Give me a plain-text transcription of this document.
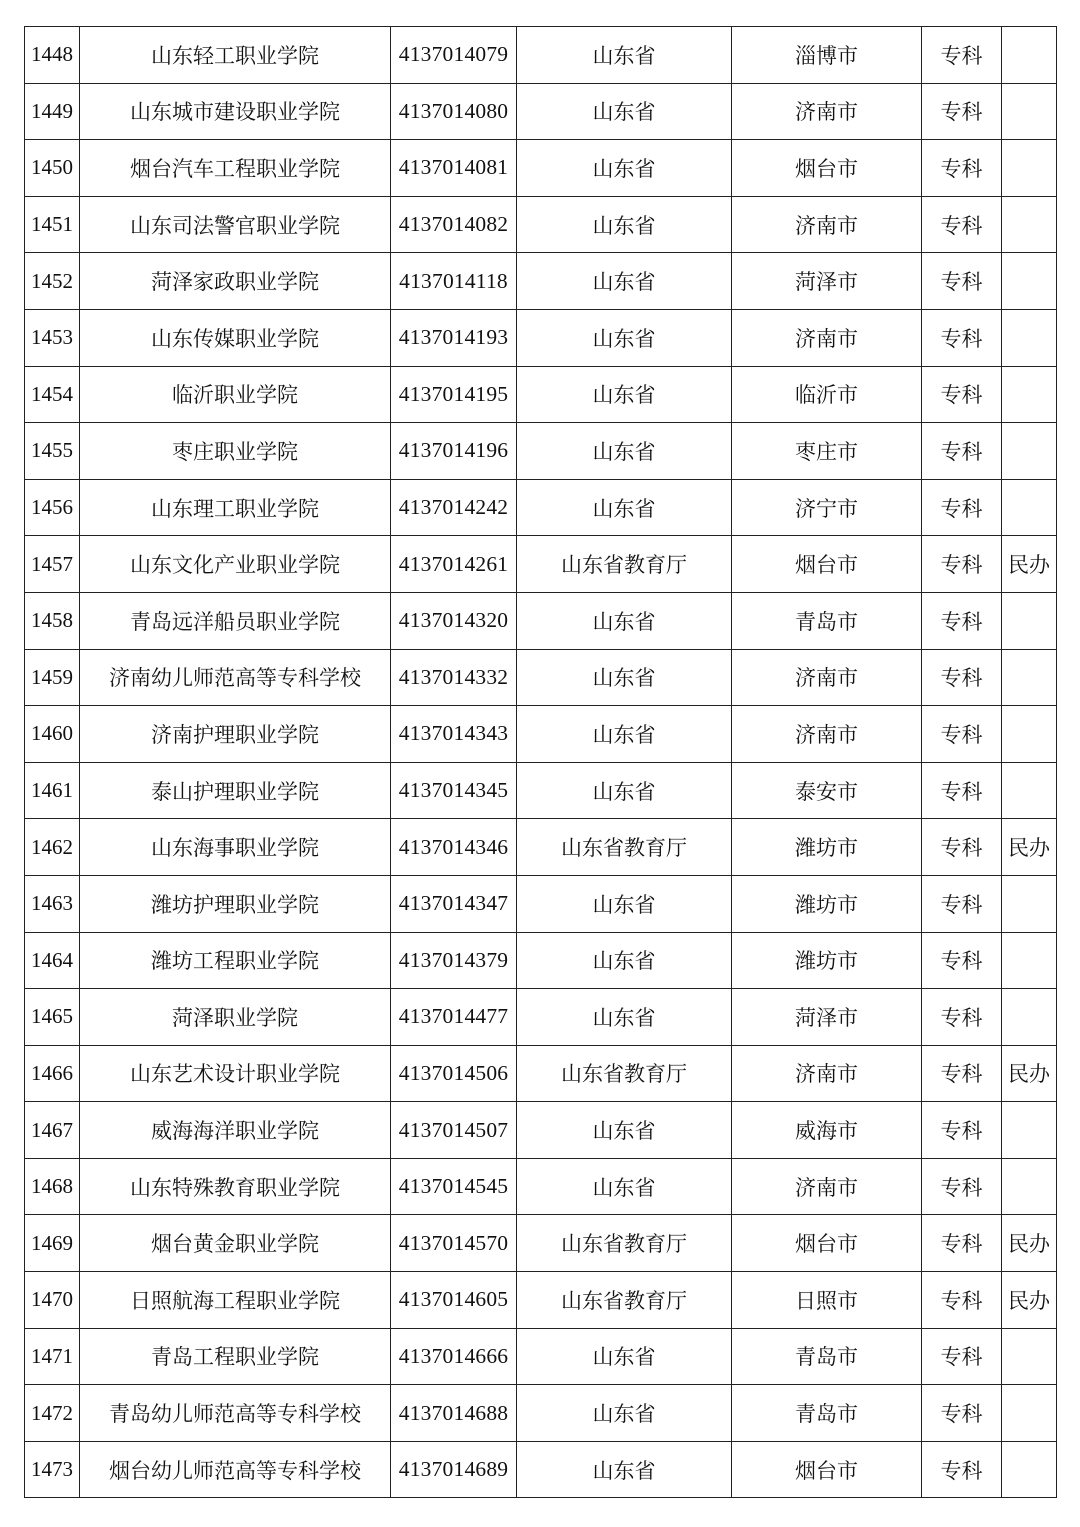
1448	山东轻工职业学院	4137014079	山东省	淄博市	专科	
1449	山东城市建设职业学院	4137014080	山东省	济南市	专科	
1450	烟台汽车工程职业学院	4137014081	山东省	烟台市	专科	
1451	山东司法警官职业学院	4137014082	山东省	济南市	专科	
1452	菏泽家政职业学院	4137014118	山东省	菏泽市	专科	
1453	山东传媒职业学院	4137014193	山东省	济南市	专科	
1454	临沂职业学院	4137014195	山东省	临沂市	专科	
1455	枣庄职业学院	4137014196	山东省	枣庄市	专科	
1456	山东理工职业学院	4137014242	山东省	济宁市	专科	
1457	山东文化产业职业学院	4137014261	山东省教育厅	烟台市	专科	民办
1458	青岛远洋船员职业学院	4137014320	山东省	青岛市	专科	
1459	济南幼儿师范高等专科学校	4137014332	山东省	济南市	专科	
1460	济南护理职业学院	4137014343	山东省	济南市	专科	
1461	泰山护理职业学院	4137014345	山东省	泰安市	专科	
1462	山东海事职业学院	4137014346	山东省教育厅	潍坊市	专科	民办
1463	潍坊护理职业学院	4137014347	山东省	潍坊市	专科	
1464	潍坊工程职业学院	4137014379	山东省	潍坊市	专科	
1465	菏泽职业学院	4137014477	山东省	菏泽市	专科	
1466	山东艺术设计职业学院	4137014506	山东省教育厅	济南市	专科	民办
1467	威海海洋职业学院	4137014507	山东省	威海市	专科	
1468	山东特殊教育职业学院	4137014545	山东省	济南市	专科	
1469	烟台黄金职业学院	4137014570	山东省教育厅	烟台市	专科	民办
1470	日照航海工程职业学院	4137014605	山东省教育厅	日照市	专科	民办
1471	青岛工程职业学院	4137014666	山东省	青岛市	专科	
1472	青岛幼儿师范高等专科学校	4137014688	山东省	青岛市	专科	
1473	烟台幼儿师范高等专科学校	4137014689	山东省	烟台市	专科	
